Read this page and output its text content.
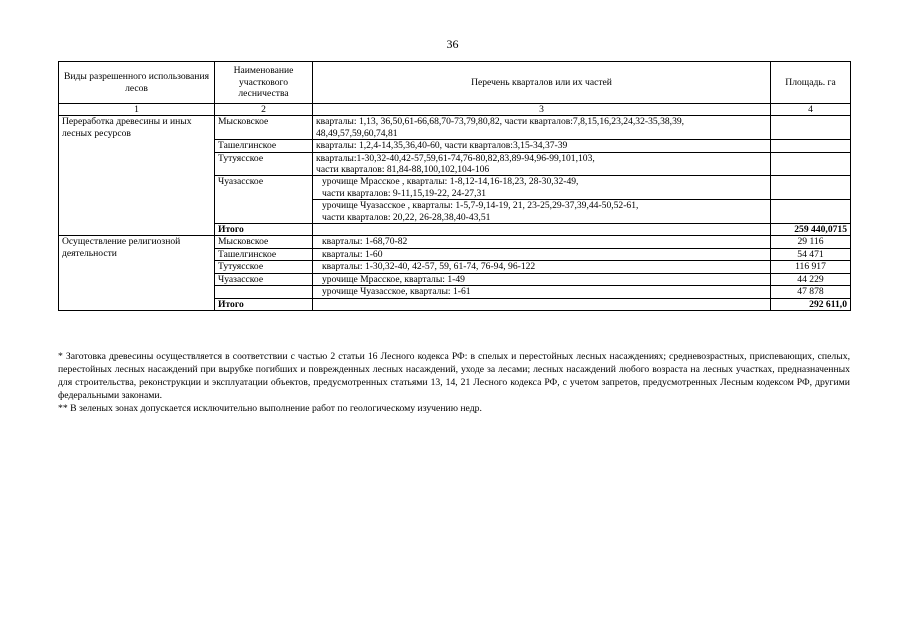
36
Виды разрешенного использования лесов	Наименование участкового лесничества	Перечень кварталов или их частей	Площадь. га
1	2	3	4
Переработка древесины и иных лесных ресурсов	Мысковское	кварталы: 1,13, 36,50,61-66,68,70-73,79,80,82, части кварталов:7,8,15,16,23,24,32-35,38,39,
48,49,57,59,60,74,81	

	Ташелгинское	кварталы: 1,2,4-14,35,36,40-60, части кварталов:3,15-34,37-39	

	Тутуясское	кварталы:1-30,32-40,42-57,59,61-74,76-80,82,83,89-94,96-99,101,103,
части кварталов: 81,84-88,100,102,104-106	

	Чуазасское	урочище Мрасское , кварталы: 1-8,12-14,16-18,23, 28-30,32-49,
части кварталов: 9-11,15,19-22, 24-27,31	

		урочище Чуазасское , кварталы: 1-5,7-9,14-19, 21, 23-25,29-37,39,44-50,52-61,
части кварталов: 20,22, 26-28,38,40-43,51	

	Итого		259 440,0715
Осуществление религиозной деятельности	Мысковское	кварталы: 1-68,70-82	29 116
	Ташелгинское	кварталы: 1-60	54 471
	Тутуясское	кварталы: 1-30,32-40, 42-57, 59, 61-74, 76-94, 96-122	116 917
	Чуазасское	урочище Мрасское, кварталы: 1-49	44 229

		урочище Чуазасское, кварталы: 1-61	47 878
	Итого		292 611,0

* Заготовка древесины осуществляется в соответствии с частью 2 статьи 16 Лесного кодекса РФ: в спелых и перестойных лесных насаждениях; средневозрастных, приспевающих, спелых, перестойных лесных насаждений при вырубке погибших и поврежденных лесных насаждений, уходе за лесами; лесных насаждений любого возраста на лесных участках, предназначенных для строительства, реконструкции и эксплуатации объектов, предусмотренных статьями 13, 14, 21 Лесного кодекса РФ, с учетом запретов, предусмотренных Лесным кодексом РФ, другими федеральными законами.

** В зеленых зонах допускается исключительно выполнение работ по геологическому изучению недр.
